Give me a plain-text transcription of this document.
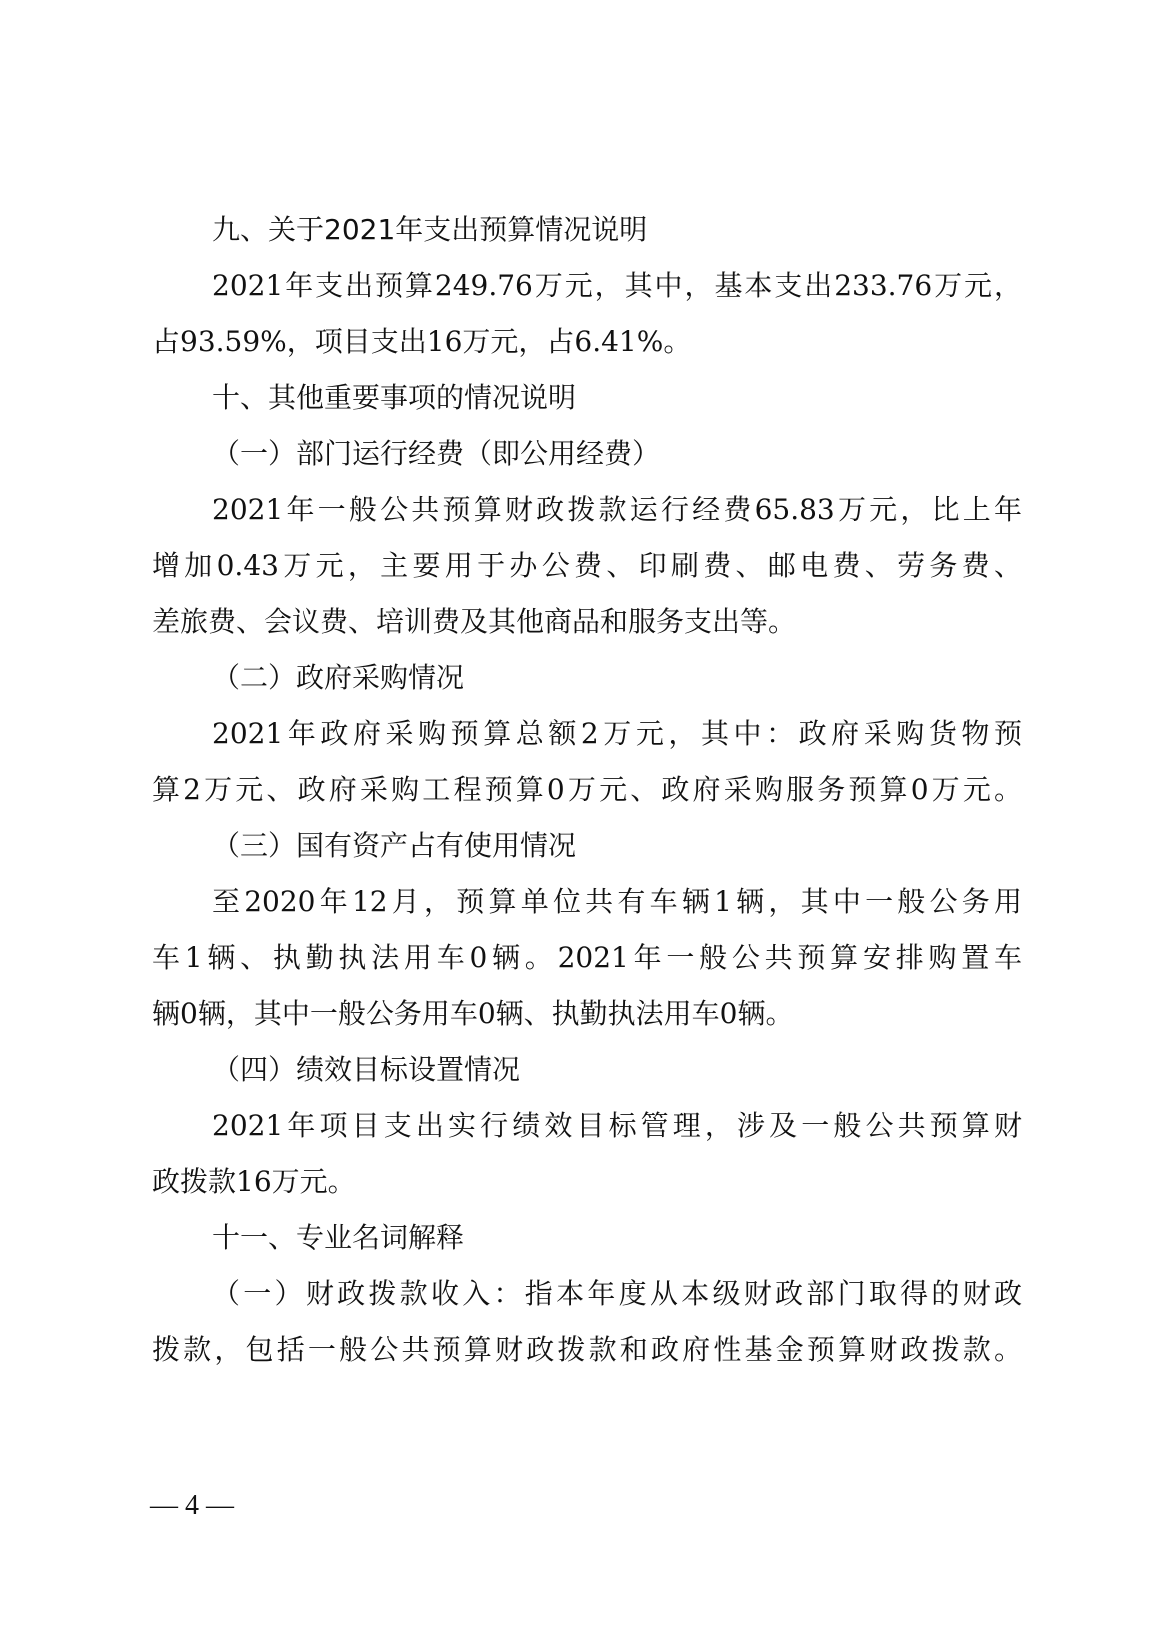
九、关于2021年支出预算情况说明
2021年支出预算249.76万元，其中，基本支出233.76万元，
占93.59%，项目支出16万元，占6.41%。
十、其他重要事项的情况说明
（一）部门运行经费（即公用经费）
2021年一般公共预算财政拨款运行经费65.83万元，比上年
增加0.43万元，主要用于办公费、印刷费、邮电费、劳务费、
差旅费、会议费、培训费及其他商品和服务支出等。
（二）政府采购情况
2021年政府采购预算总额2万元，其中：政府采购货物预
算2万元、政府采购工程预算0万元、政府采购服务预算0万元。
（三）国有资产占有使用情况
至2020年12月，预算单位共有车辆1辆，其中一般公务用
车1辆、执勤执法用车0辆。2021年一般公共预算安排购置车
辆0辆，其中一般公务用车0辆、执勤执法用车0辆。
（四）绩效目标设置情况
2021年项目支出实行绩效目标管理，涉及一般公共预算财
政拨款16万元。
十一、专业名词解释
（一）财政拨款收入：指本年度从本级财政部门取得的财政
拨款，包括一般公共预算财政拨款和政府性基金预算财政拨款。
— 4 —
